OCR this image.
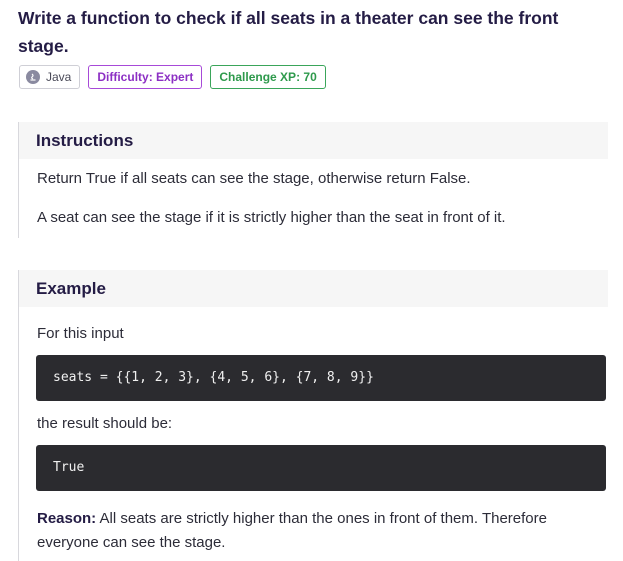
Write a function to check if all seats in a theater can see the front stage.
Java	Difficulty: Expert	Challenge XP: 70
Instructions
Return True if all seats can see the stage, otherwise return False.
A seat can see the stage if it is strictly higher than the seat in front of it.
Example
For this input
seats = {{1, 2, 3}, {4, 5, 6}, {7, 8, 9}}
the result should be:
True
Reason: All seats are strictly higher than the ones in front of them. Therefore everyone can see the stage.
